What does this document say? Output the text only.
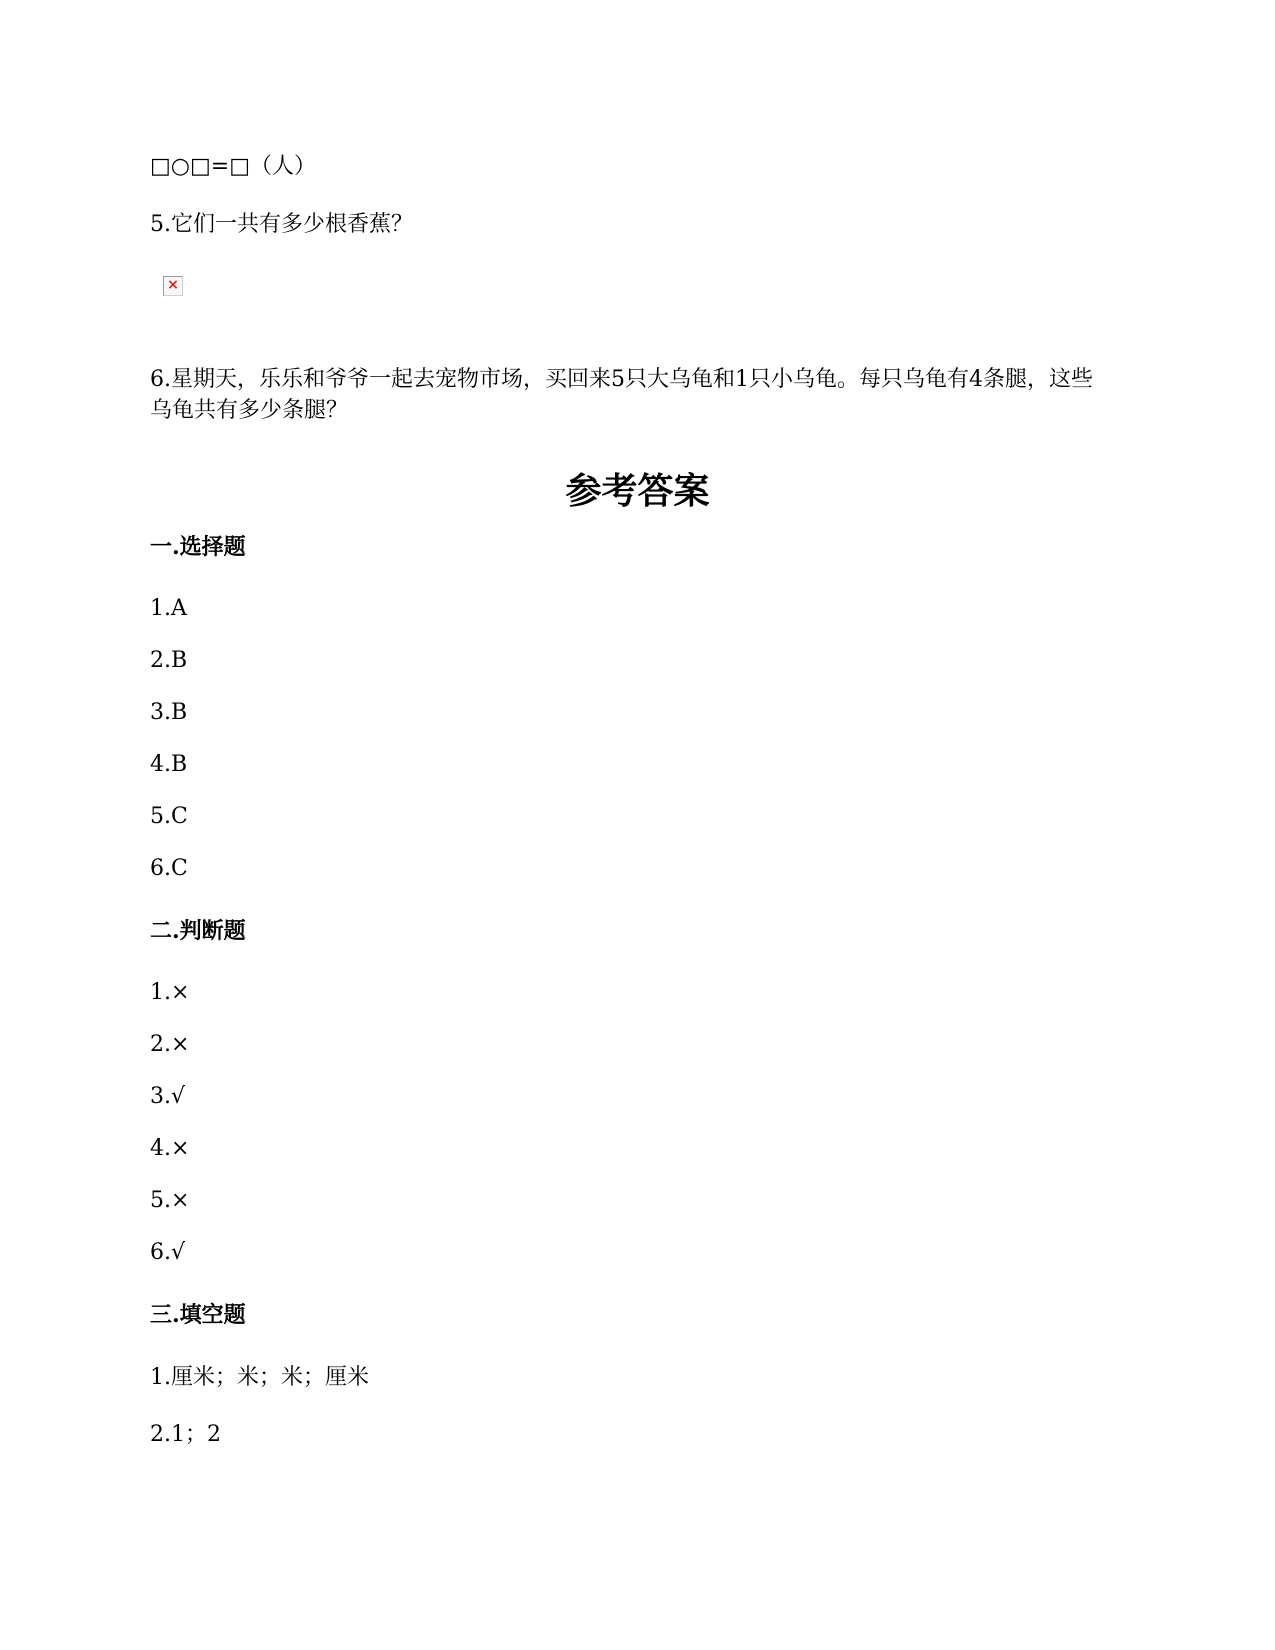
□○□=□（人）
5.它们一共有多少根香蕉？
×
6.星期天，乐乐和爷爷一起去宠物市场，买回来5只大乌龟和1只小乌龟。每只乌龟有4条腿，这些乌龟共有多少条腿？
参考答案
一.选择题
1.A
2.B
3.B
4.B
5.C
6.C
二.判断题
1.×
2.×
3.√
4.×
5.×
6.√
三.填空题
1.厘米；米；米；厘米
2.1；2
